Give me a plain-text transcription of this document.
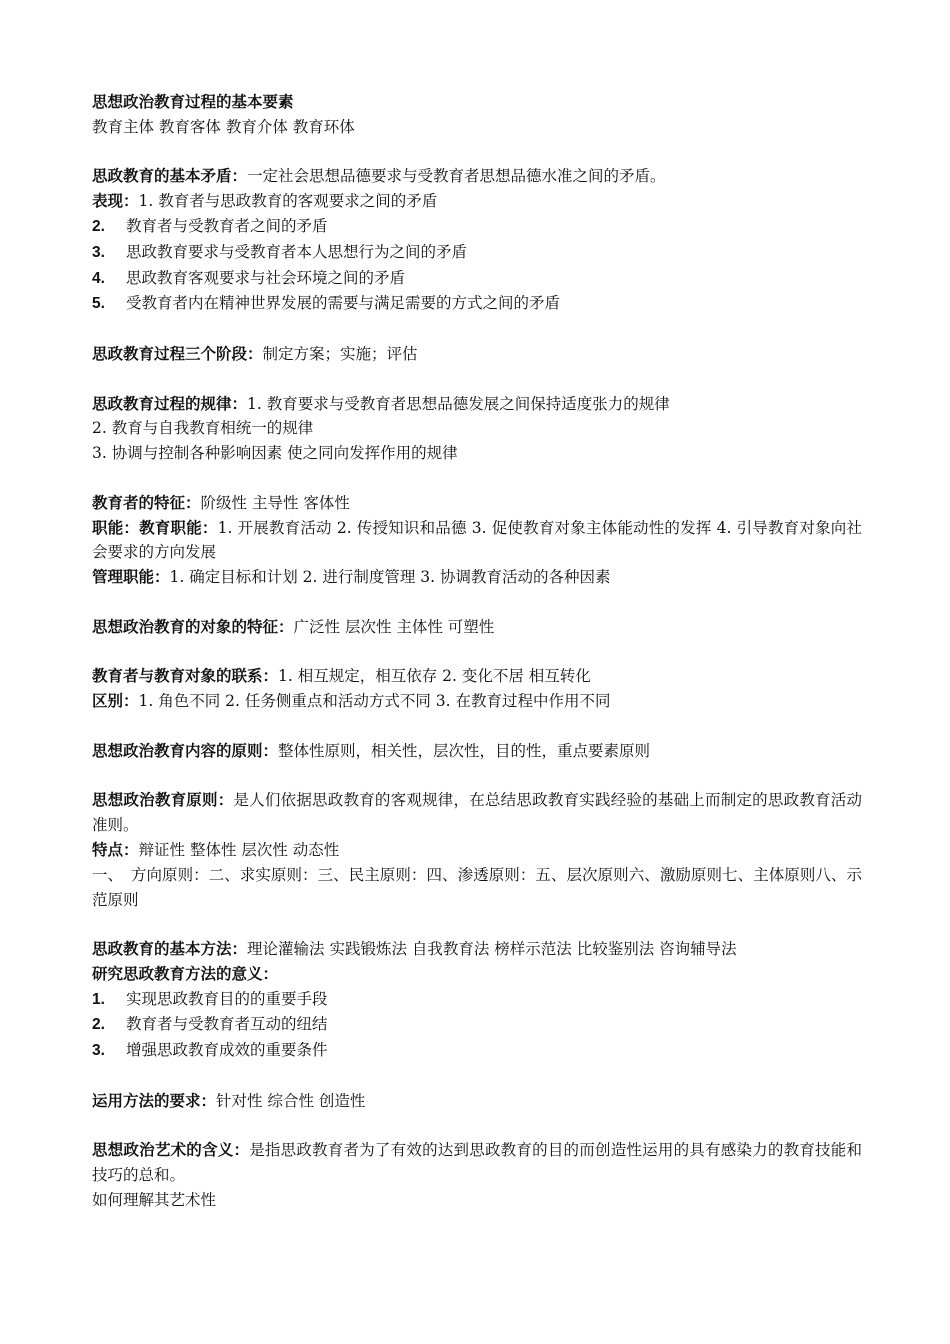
思想政治教育过程的基本要素
教育主体 教育客体 教育介体 教育环体
思政教育的基本矛盾：一定社会思想品德要求与受教育者思想品德水准之间的矛盾。
表现：1. 教育者与思政教育的客观要求之间的矛盾
2. 教育者与受教育者之间的矛盾
3. 思政教育要求与受教育者本人思想行为之间的矛盾
4. 思政教育客观要求与社会环境之间的矛盾
5. 受教育者内在精神世界发展的需要与满足需要的方式之间的矛盾
思政教育过程三个阶段：制定方案；实施；评估
思政教育过程的规律：1. 教育要求与受教育者思想品德发展之间保持适度张力的规律
2. 教育与自我教育相统一的规律
3. 协调与控制各种影响因素 使之同向发挥作用的规律
教育者的特征：阶级性 主导性 客体性
职能：教育职能：1. 开展教育活动 2. 传授知识和品德 3. 促使教育对象主体能动性的发挥 4. 引导教育对象向社会要求的方向发展
管理职能：1. 确定目标和计划 2. 进行制度管理 3. 协调教育活动的各种因素
思想政治教育的对象的特征：广泛性 层次性 主体性 可塑性
教育者与教育对象的联系：1. 相互规定，相互依存 2. 变化不居 相互转化
区别：1. 角色不同 2. 任务侧重点和活动方式不同 3. 在教育过程中作用不同
思想政治教育内容的原则：整体性原则，相关性，层次性，目的性，重点要素原则
思想政治教育原则：是人们依据思政教育的客观规律，在总结思政教育实践经验的基础上而制定的思政教育活动准则。
特点：辩证性 整体性 层次性 动态性
一、　方向原则：二、求实原则：三、民主原则：四、渗透原则：五、层次原则六、激励原则七、主体原则八、示范原则
思政教育的基本方法：理论灌输法 实践锻炼法 自我教育法 榜样示范法 比较鉴别法 咨询辅导法
研究思政教育方法的意义：
1. 实现思政教育目的的重要手段
2. 教育者与受教育者互动的纽结
3. 增强思政教育成效的重要条件
运用方法的要求：针对性 综合性 创造性
思想政治艺术的含义：是指思政教育者为了有效的达到思政教育的目的而创造性运用的具有感染力的教育技能和技巧的总和。
如何理解其艺术性
